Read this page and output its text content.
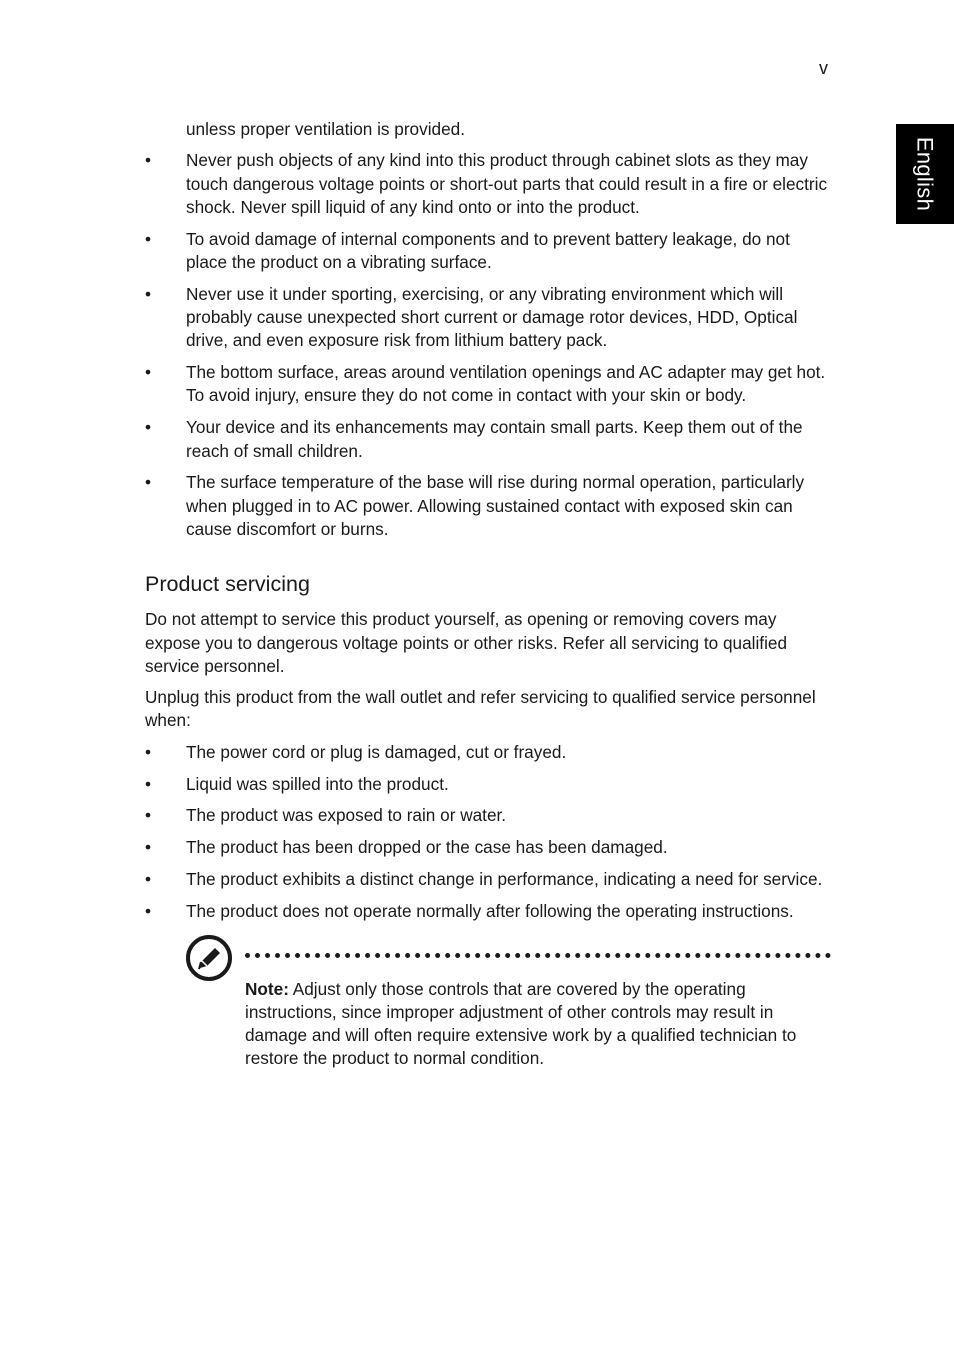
v
English

unless proper ventilation is provided.

• Never push objects of any kind into this product through cabinet slots as they may touch dangerous voltage points or short-out parts that could result in a fire or electric shock. Never spill liquid of any kind onto or into the product.
• To avoid damage of internal components and to prevent battery leakage, do not place the product on a vibrating surface.
• Never use it under sporting, exercising, or any vibrating environment which will probably cause unexpected short current or damage rotor devices, HDD, Optical drive, and even exposure risk from lithium battery pack.
• The bottom surface, areas around ventilation openings and AC adapter may get hot. To avoid injury, ensure they do not come in contact with your skin or body.
• Your device and its enhancements may contain small parts. Keep them out of the reach of small children.
• The surface temperature of the base will rise during normal operation, particularly when plugged in to AC power. Allowing sustained contact with exposed skin can cause discomfort or burns.
Product servicing

Do not attempt to service this product yourself, as opening or removing covers may expose you to dangerous voltage points or other risks. Refer all servicing to qualified service personnel.

Unplug this product from the wall outlet and refer servicing to qualified service personnel when:

• The power cord or plug is damaged, cut or frayed.
• Liquid was spilled into the product.
• The product was exposed to rain or water.
• The product has been dropped or the case has been damaged.
• The product exhibits a distinct change in performance, indicating a need for service.
• The product does not operate normally after following the operating instructions.

Note: Adjust only those controls that are covered by the operating instructions, since improper adjustment of other controls may result in damage and will often require extensive work by a qualified technician to restore the product to normal condition.
